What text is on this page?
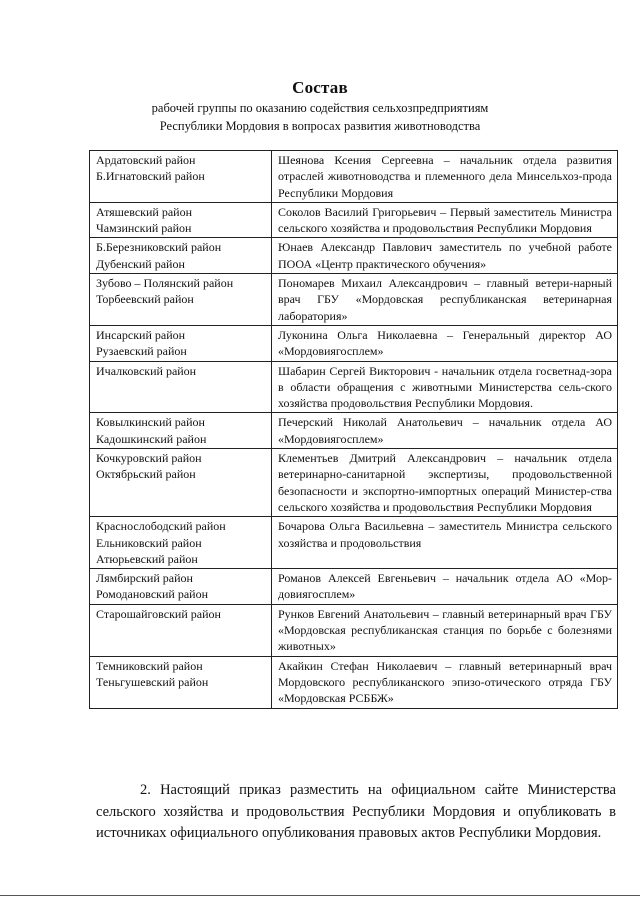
Состав
рабочей группы по оказанию содействия сельхозпредприятиям
Республики Мордовия в вопросах развития животноводства
Ардатовский район
Б.Игнатовский район	Шеянова Ксения Сергеевна – начальник отдела развития отраслей животноводства и племенного дела Минсельхоз-прода Республики Мордовия

Атяшевский район
Чамзинский район	Соколов Василий Григорьевич – Первый заместитель Министра сельского хозяйства и продовольствия Республики Мордовия

Б.Березниковский район
Дубенский район	Юнаев Александр Павлович заместитель по учебной работе ПООА «Центр практического обучения»

Зубово – Полянский район
Торбеевский район	Пономарев Михаил Александрович – главный ветери-нарный врач ГБУ «Мордовская республиканская ветеринарная лаборатория»

Инсарский район
Рузаевский район	Луконина Ольга Николаевна – Генеральный директор АО «Мордовиягосплем»

Ичалковский район	Шабарин Сергей Викторович - начальник отдела госветнад-зора в области обращения с животными Министерства сель-ского хозяйства продовольствия Республики Мордовия.

Ковылкинский район
Кадошкинский район	Печерский Николай Анатольевич – начальник отдела АО «Мордовиягосплем»

Кочкуровский район
Октябрьский район	Клементьев Дмитрий Александрович – начальник отдела ветеринарно-санитарной экспертизы, продовольственной безопасности и экспортно-импортных операций Министер-ства сельского хозяйства и продовольствия Республики Мордовия

Краснослободский район
Ельниковский район
Атюрьевский район	Бочарова Ольга Васильевна – заместитель Министра сельского хозяйства и продовольствия

Лямбирский район
Ромодановский район	Романов Алексей Евгеньевич – начальник отдела АО «Мор-довиягосплем»

Старошайговский район	Рунков Евгений Анатольевич – главный ветеринарный врач ГБУ «Мордовская республиканская станция по борьбе с болезнями животных»

Темниковский район
Теньгушевский район	Акайкин Стефан Николаевич – главный ветеринарный врач Мордовского республиканского эпизо-отического отряда ГБУ «Мордовская РСББЖ»
2. Настоящий приказ разместить на официальном сайте Министерства сельского хозяйства и продовольствия Республики Мордовия и опубликовать в источниках официального опубликования правовых актов Республики Мордовия.
